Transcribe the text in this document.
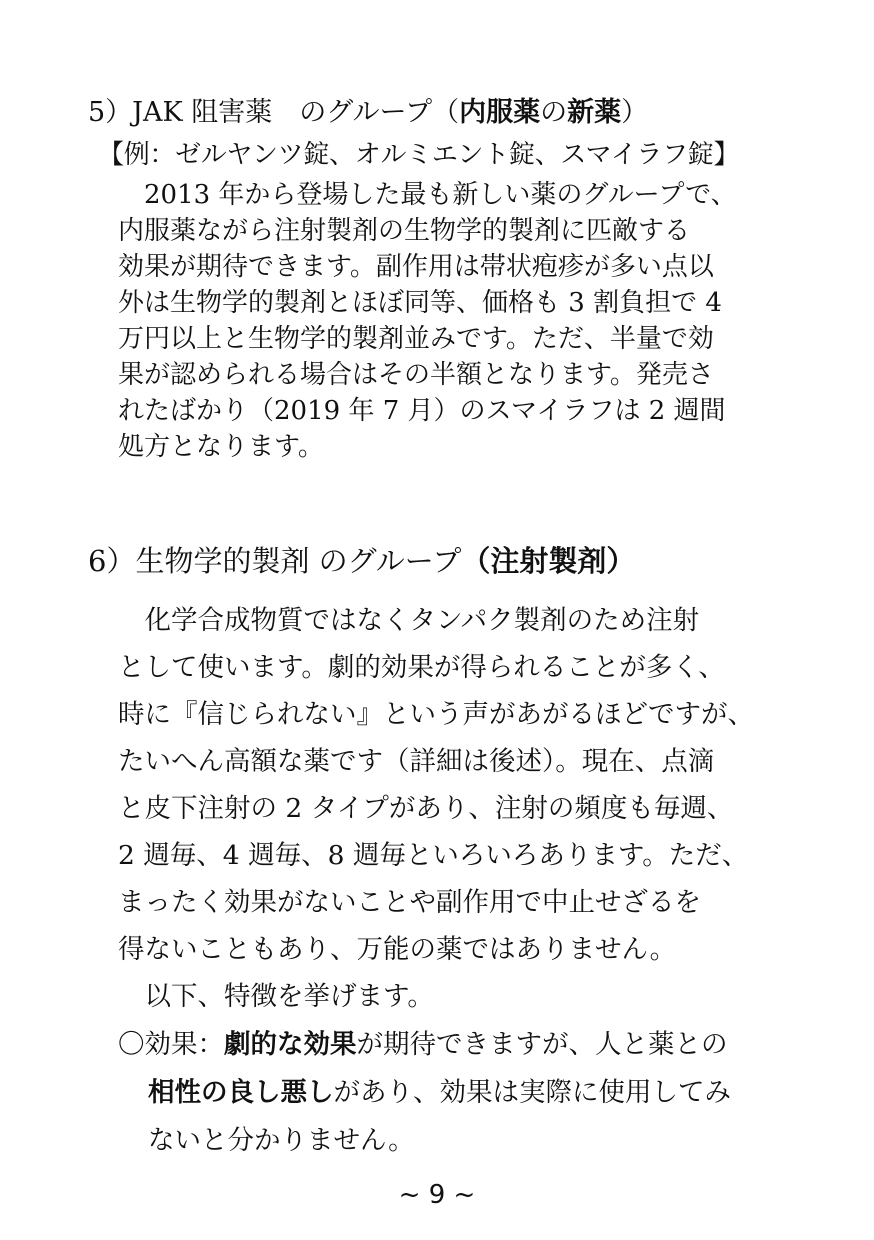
5）JAK 阻害薬　のグループ（内服薬の新薬）
【例：ゼルヤンツ錠、オルミエント錠、スマイラフ錠】
　2013 年から登場した最も新しい薬のグループで、
内服薬ながら注射製剤の生物学的製剤に匹敵する
効果が期待できます。副作用は帯状疱疹が多い点以
外は生物学的製剤とほぼ同等、価格も 3 割負担で 4
万円以上と生物学的製剤並みです。ただ、半量で効
果が認められる場合はその半額となります。発売さ
れたばかり（2019 年 7 月）のスマイラフは 2 週間
処方となります。
6）生物学的製剤 のグループ（注射製剤）
　化学合成物質ではなくタンパク製剤のため注射
として使います。劇的効果が得られることが多く、
時に『信じられない』という声があがるほどですが、
たいへん高額な薬です（詳細は後述）。現在、点滴
と皮下注射の 2 タイプがあり、注射の頻度も毎週、
2 週毎、4 週毎、8 週毎といろいろあります。ただ、
まったく効果がないことや副作用で中止せざるを
得ないこともあり、万能の薬ではありません。
　以下、特徴を挙げます。
〇効果：劇的な効果が期待できますが、人と薬との
相性の良し悪しがあり、効果は実際に使用してみ
ないと分かりません。
~ 9 ~
